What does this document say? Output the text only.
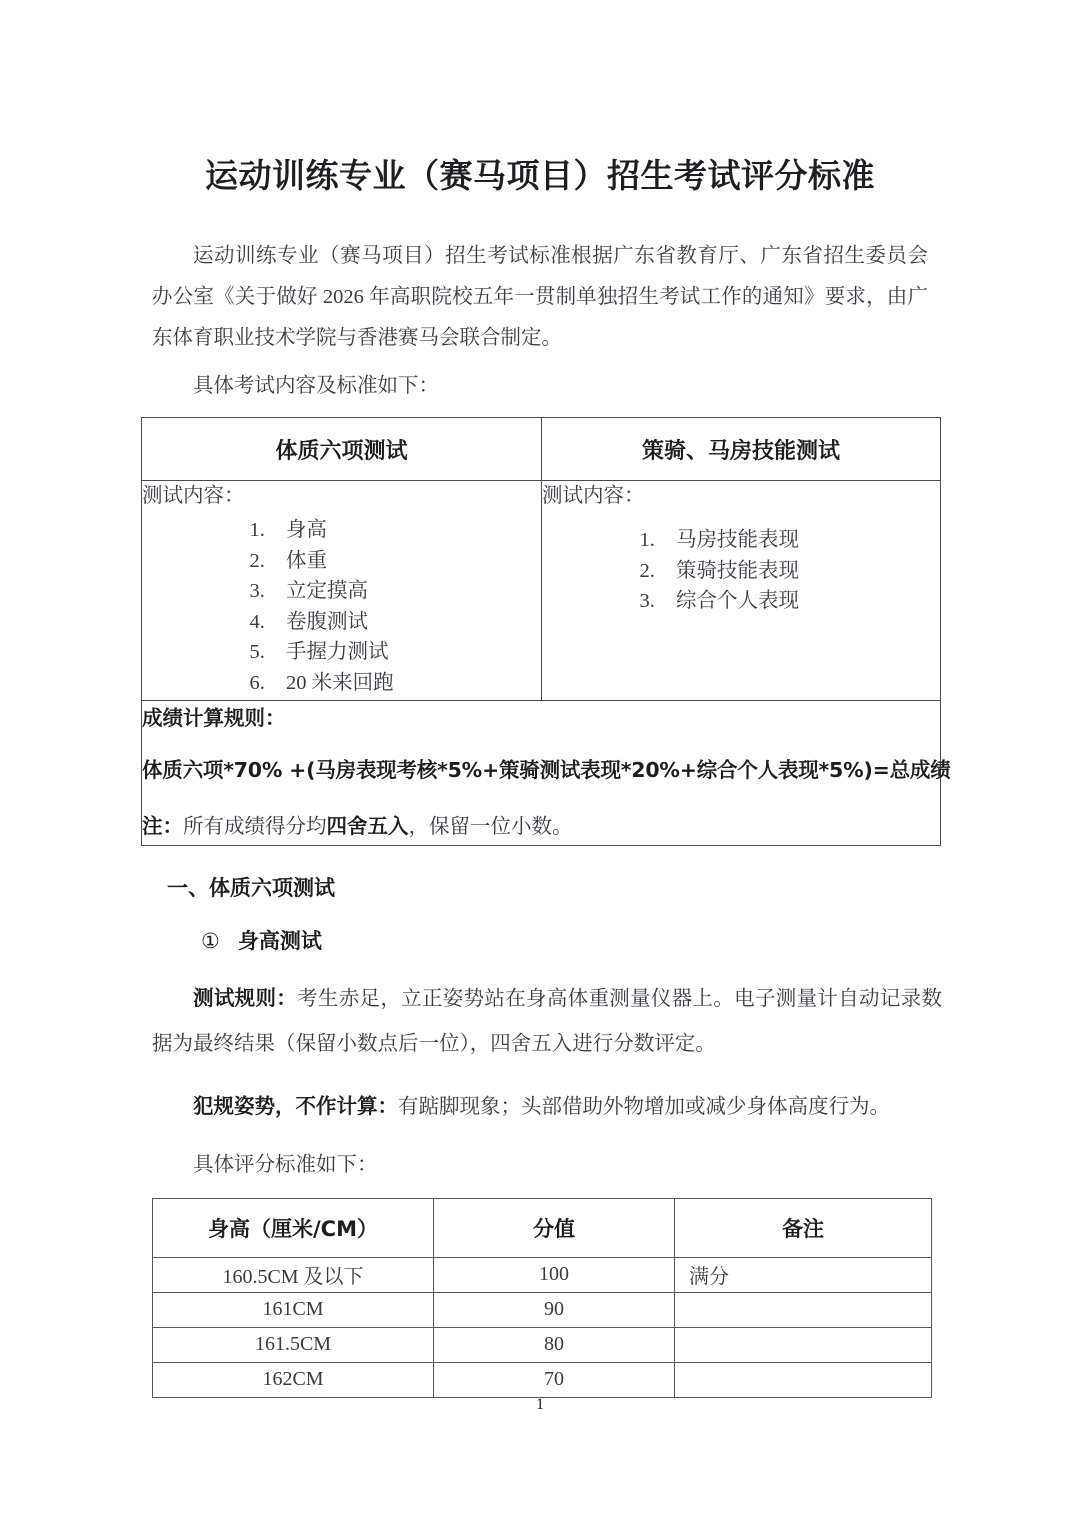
运动训练专业（赛马项目）招生考试评分标准
运动训练专业（赛马项目）招生考试标准根据广东省教育厅、广东省招生委员会办公室《关于做好 2026 年高职院校五年一贯制单独招生考试工作的通知》要求，由广东体育职业技术学院与香港赛马会联合制定。
具体考试内容及标准如下：
体质六项测试	策骑、马房技能测试

测试内容：
1. 身高
2. 体重
3. 立定摸高
4. 卷腹测试
5. 手握力测试
6. 20 米来回跑

测试内容：
1. 马房技能表现
2. 策骑技能表现
3. 综合个人表现

成绩计算规则：
体质六项*70% +(马房表现考核*5%+策骑测试表现*20%+综合个人表现*5%)=总成绩
注：所有成绩得分均四舍五入，保留一位小数。	
一、体质六项测试
① 身高测试
测试规则：考生赤足，立正姿势站在身高体重测量仪器上。电子测量计自动记录数据为最终结果（保留小数点后一位），四舍五入进行分数评定。
犯规姿势，不作计算：有踮脚现象；头部借助外物增加或减少身体高度行为。
具体评分标准如下：
身高（厘米/CM）	分值	备注
160.5CM 及以下	100	满分
161CM	90	
161.5CM	80	
162CM	70	
1
